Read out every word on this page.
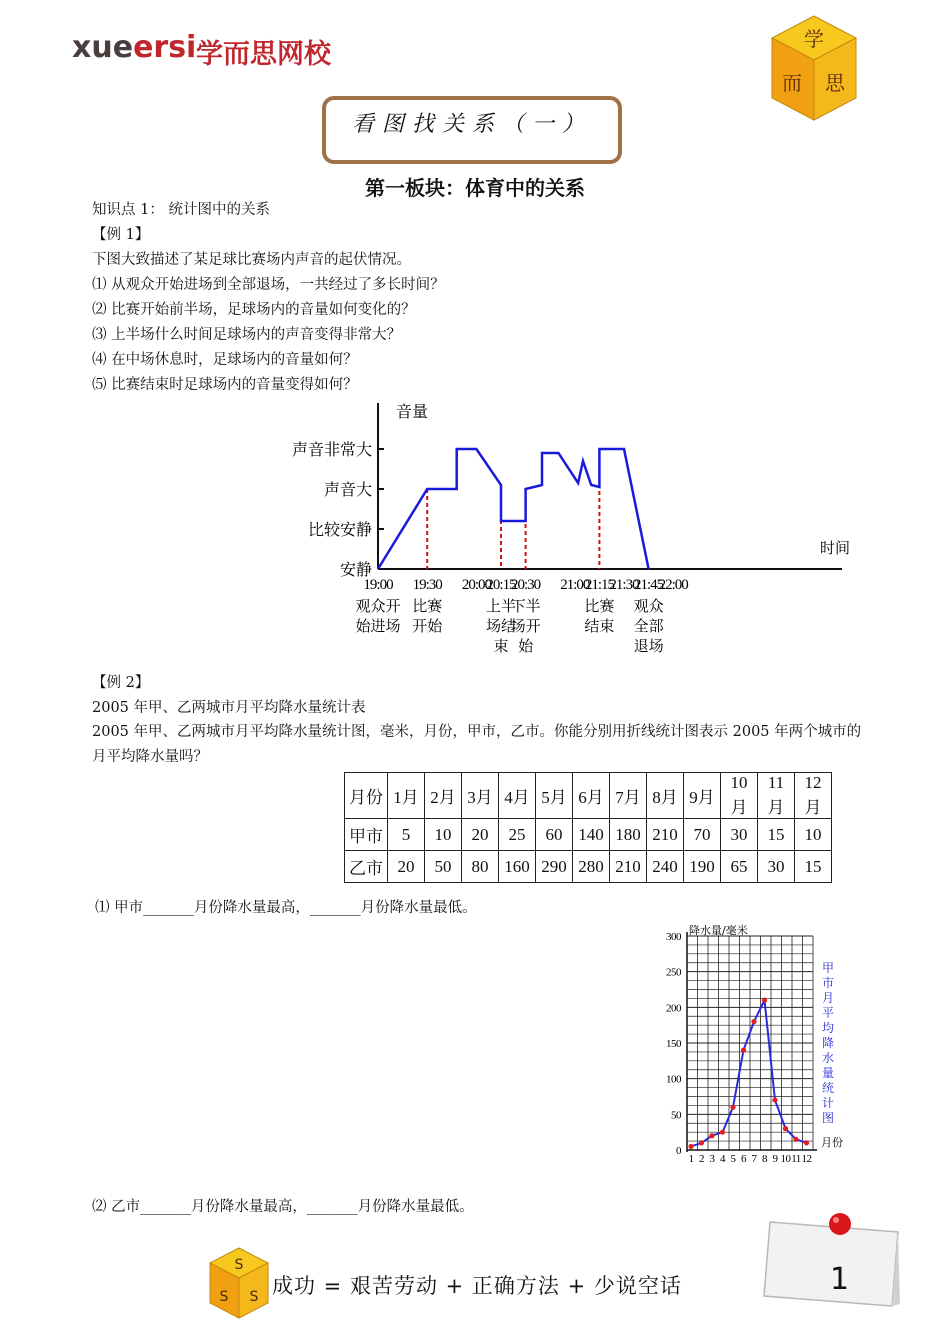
xueersi 学而思网校	学
而 思
看图找关系（一）
第一板块：体育中的关系
知识点 1： 统计图中的关系
【例 1】
下图大致描述了某足球比赛场内声音的起伏情况。
⑴ 从观众开始进场到全部退场，一共经过了多长时间？
⑵ 比赛开始前半场，足球场内的音量如何变化的？
⑶ 上半场什么时间足球场内的声音变得非常大？
⑷ 在中场休息时，足球场内的音量如何？
⑸ 比赛结束时足球场内的音量变得如何？
安静
比较安静
声音大
声音非常大
音量
时间
19:00 19:30 20:00
20:15
20:30 21:00
21:15
21:30
21:45
22:00
观众开
始进场
比赛
开始
上半
场结
束
下半
场开
始
比赛
结束
观众
全部
退场
【例 2】
2005 年甲、乙两城市月平均降水量统计表
2005 年甲、乙两城市月平均降水量统计图，毫米，月份，甲市，乙市。你能分别用折线统计图表示 2005 年两个城市的月平均降水量吗？
月份	1月	2月	3月	4月	5月	6月	7月	8月	9月	10月	11月	12月
甲市	5	10	20	25	60	140	180	210	70	30	15	10
乙市	20	50	80	160	290	280	210	240	190	65	30	15
⑴ 甲市_______月份降水量最高，_______月份降水量最低。
0
50
100
150
200
250
300
1 2 3 4 5 6 7 8 9 10 11 12
降水量/毫米
月份
甲
市
月
平
均
降
水
量
统
计
图
⑵ 乙市_______月份降水量最高，_______月份降水量最低。
S
S S 成功 = 艰苦劳动 + 正确方法 + 少说空话	1
